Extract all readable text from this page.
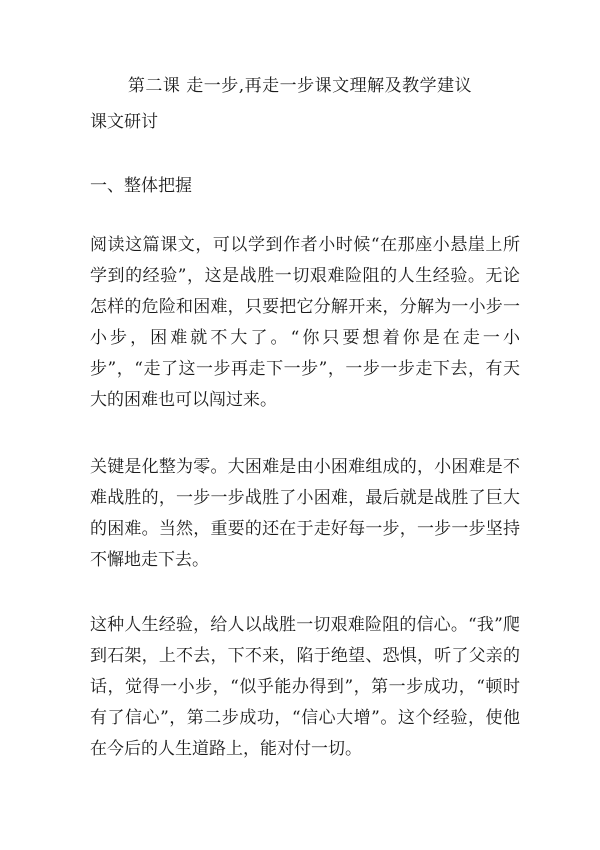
第二课 走一步,再走一步课文理解及教学建议
课文研讨
一、整体把握

阅读这篇课文，可以学到作者小时候“在那座小悬崖上所学到的经验”，这是战胜一切艰难险阻的人生经验。无论怎样的危险和困难，只要把它分解开来，分解为一小步一小步，困难就不大了。“你只要想着你是在走一小步”，“走了这一步再走下一步”，一步一步走下去，有天大的困难也可以闯过来。

关键是化整为零。大困难是由小困难组成的，小困难是不难战胜的，一步一步战胜了小困难，最后就是战胜了巨大的困难。当然，重要的还在于走好每一步，一步一步坚持不懈地走下去。

这种人生经验，给人以战胜一切艰难险阻的信心。“我”爬到石架，上不去，下不来，陷于绝望、恐惧，听了父亲的话，觉得一小步，“似乎能办得到”，第一步成功，“顿时有了信心”，第二步成功，“信心大增”。这个经验，使他在今后的人生道路上，能对付一切。
